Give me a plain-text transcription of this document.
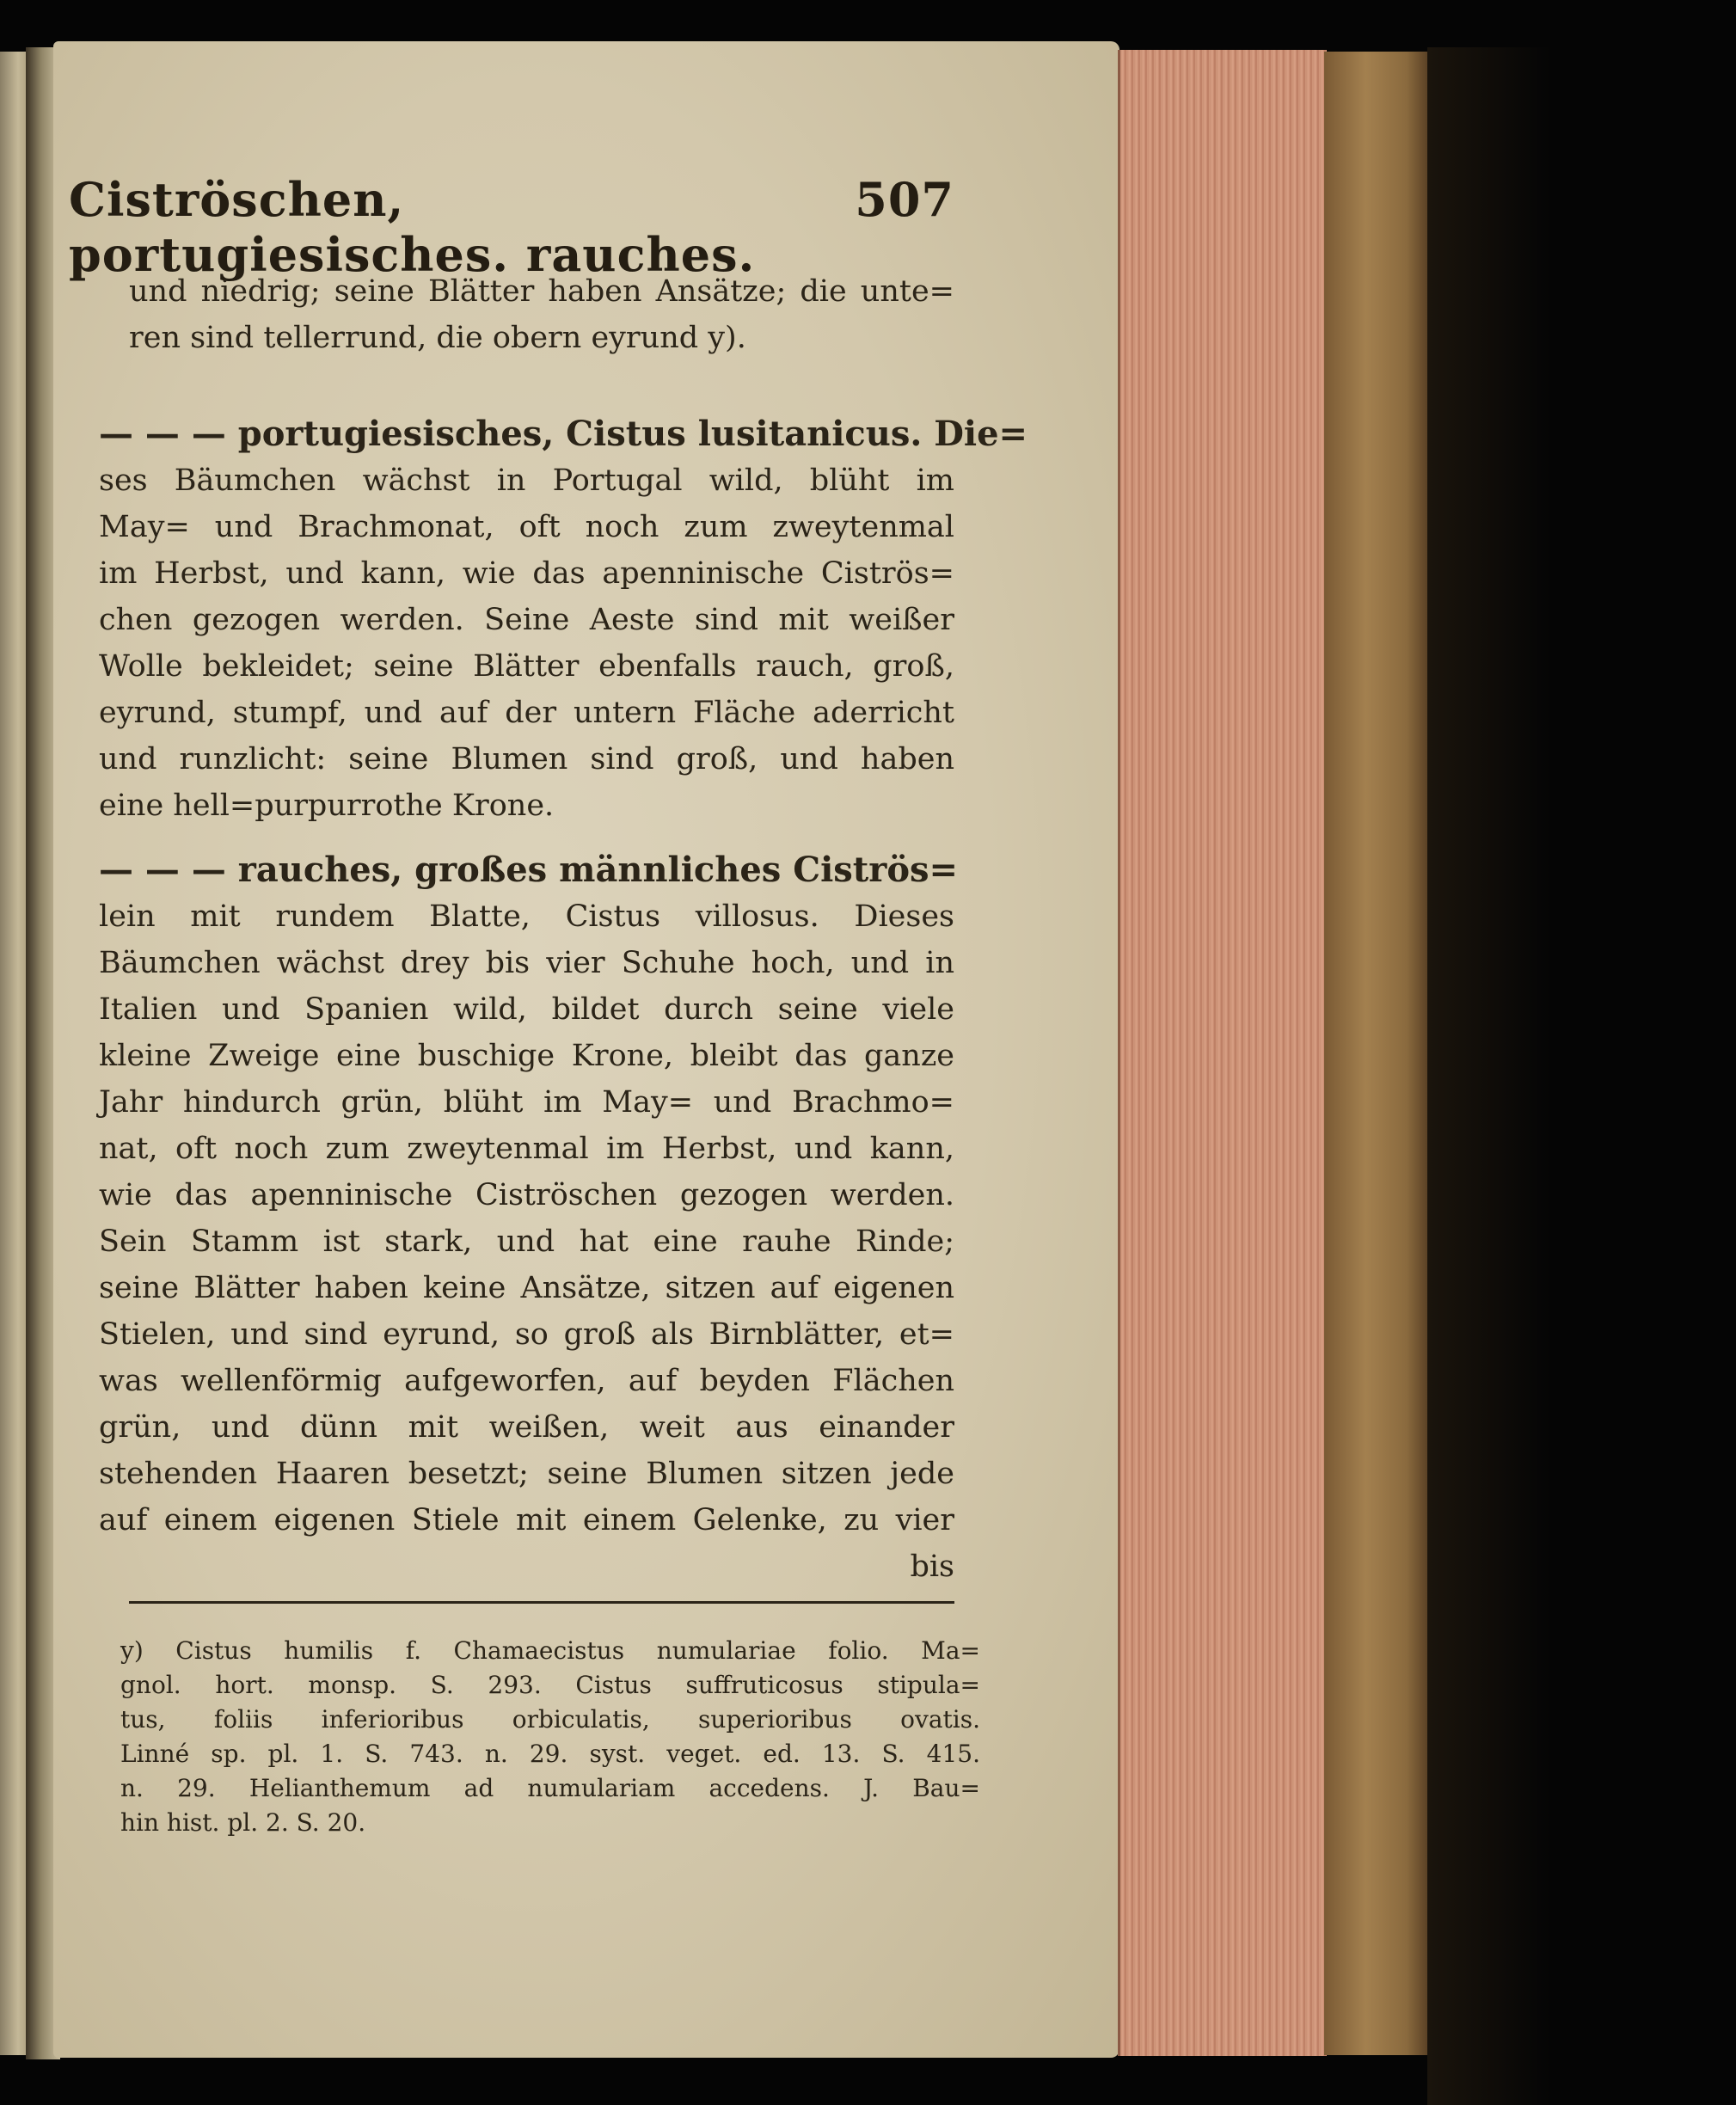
Ciströschen, portugiesisches. rauches.
507
und niedrig; seine Blätter haben Ansätze; die unte=
ren sind tellerrund, die obern eyrund y).
— — — portugiesisches, Cistus lusitanicus. Die=
ses Bäumchen wächst in Portugal wild, blüht im
May= und Brachmonat, oft noch zum zweytenmal
im Herbst, und kann, wie das apenninische Ciströs=
chen gezogen werden. Seine Aeste sind mit weißer
Wolle bekleidet; seine Blätter ebenfalls rauch, groß,
eyrund, stumpf, und auf der untern Fläche aderricht
und runzlicht: seine Blumen sind groß, und haben
eine hell=purpurrothe Krone.
— — — rauches, großes männliches Ciströs=
lein mit rundem Blatte, Cistus villosus. Dieses
Bäumchen wächst drey bis vier Schuhe hoch, und in
Italien und Spanien wild, bildet durch seine viele
kleine Zweige eine buschige Krone, bleibt das ganze
Jahr hindurch grün, blüht im May= und Brachmo=
nat, oft noch zum zweytenmal im Herbst, und kann,
wie das apenninische Ciströschen gezogen werden.
Sein Stamm ist stark, und hat eine rauhe Rinde;
seine Blätter haben keine Ansätze, sitzen auf eigenen
Stielen, und sind eyrund, so groß als Birnblätter, et=
was wellenförmig aufgeworfen, auf beyden Flächen
grün, und dünn mit weißen, weit aus einander
stehenden Haaren besetzt; seine Blumen sitzen jede
auf einem eigenen Stiele mit einem Gelenke, zu vier
bis
y) Cistus humilis f. Chamaecistus numulariae folio. Ma=
gnol. hort. monsp. S. 293. Cistus suffruticosus stipula=
tus, foliis inferioribus orbiculatis, superioribus ovatis.
Linné sp. pl. 1. S. 743. n. 29. syst. veget. ed. 13. S. 415.
n. 29. Helianthemum ad numulariam accedens. J. Bau=
hin hist. pl. 2. S. 20.
